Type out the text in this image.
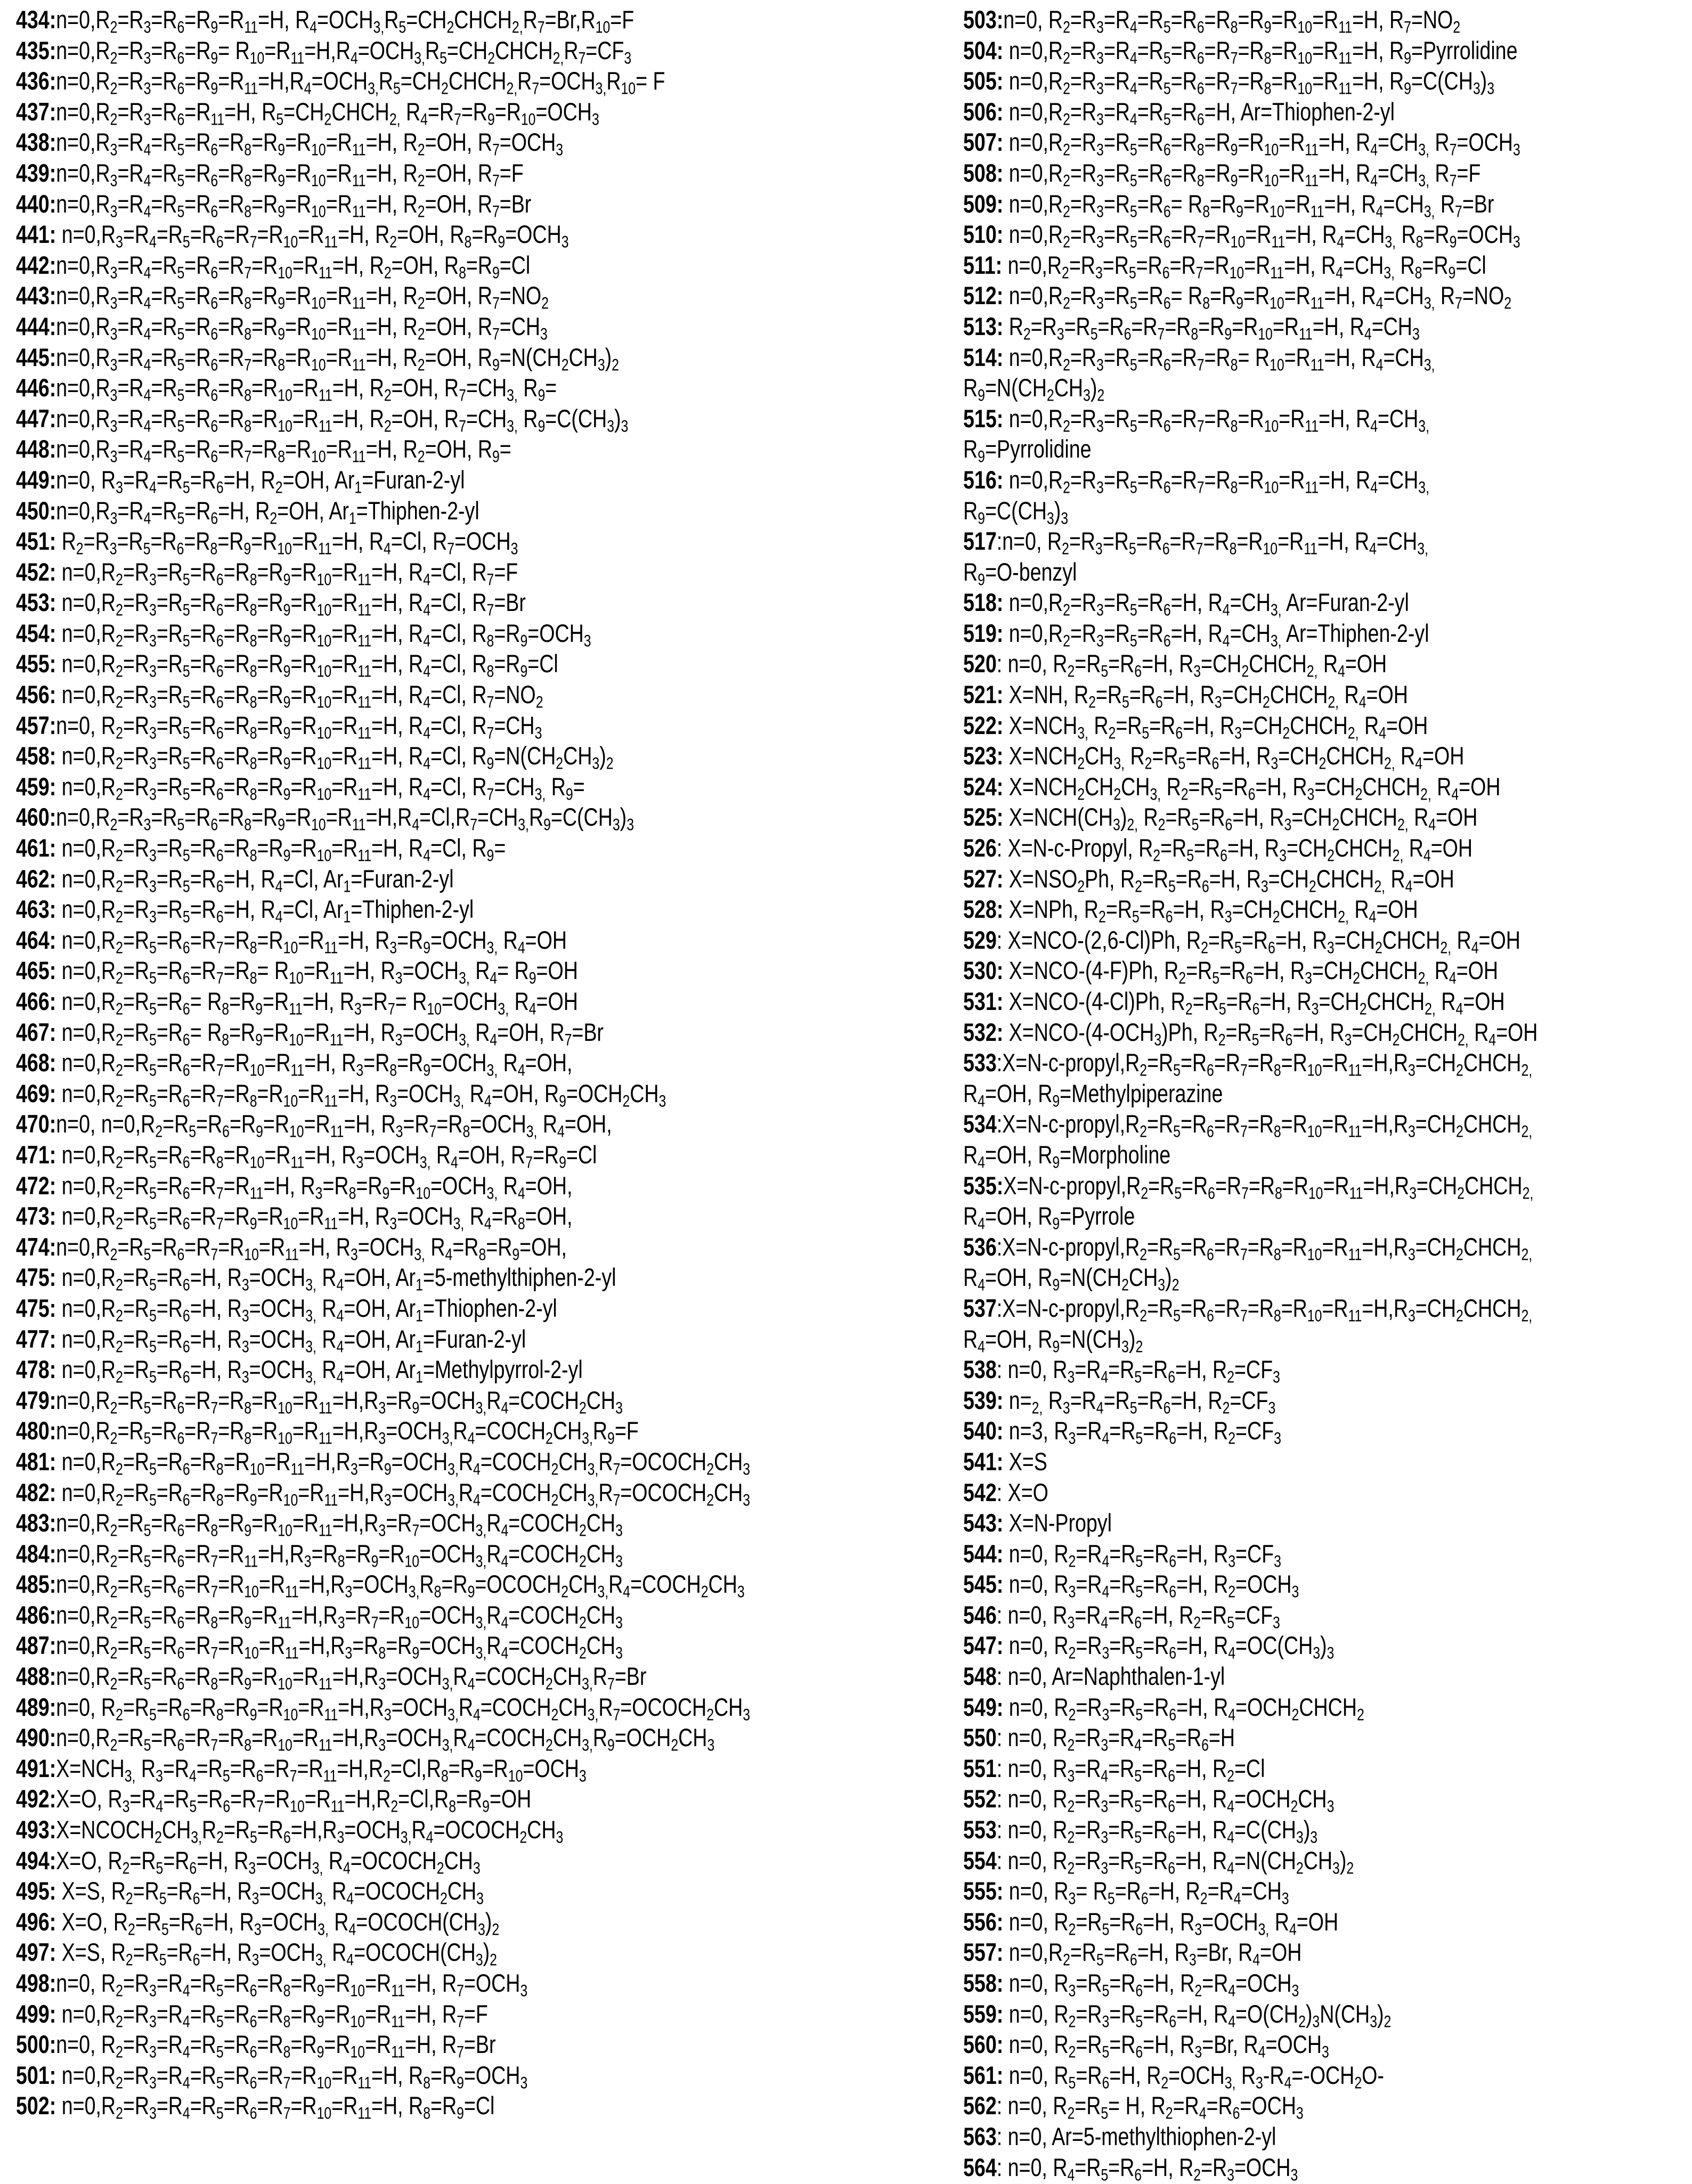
$434:n=0,R_2=R_3=R_6=R_9=R_{11}=H$, $R_4=OCH_{3,}R_5=CH_2CHCH_{2,}R_7=Br,R_{10}=F$
$435:n=0,R_2=R_3=R_6=R_9=$ $R_{10}=R_{11}=H,R_4=OCH_{3,}R_5=CH_2CHCH_{2,}R_7=CF_3$
$436:n=0,R_2=R_3=R_6=R_9=R_{11}=H,R_4=OCH_{3,}R_5=CH_2CHCH_{2,}R_7=OCH_{3,}R_{10}= F$
$437:n=0,R_2=R_3=R_6=R_{11}=H$, $R_5=CH_2CHCH_{2,}$ $R_4=R_7=R_9=R_{10}=OCH_3$
$438:n=0,R_3=R_4=R_5=R_6=R_8=R_9=R_{10}=R_{11}=H$, $R_2=OH$, $R_7=OCH_3$
$439:n=0,R_3=R_4=R_5=R_6=R_8=R_9=R_{10}=R_{11}=H$, $R_2=OH$, $R_7=F$
$440:n=0,R_3=R_4=R_5=R_6=R_8=R_9=R_{10}=R_{11}=H$, $R_2=OH$, $R_7=Br$
441: $n=0,R_3=R_4=R_5=R_6=R_7=R_{10}=R_{11}=H$, $R_2=OH$, $R_8=R_9=OCH_3$
$442:n=0,R_3=R_4=R_5=R_6=R_7=R_{10}=R_{11}=H$, $R_2=OH$, $R_8=R_9=Cl$
$443:n=0,R_3=R_4=R_5=R_6=R_8=R_9=R_{10}=R_{11}=H$, $R_2=OH$, $R_7=NO_2$
$444:n=0,R_3=R_4=R_5=R_6=R_8=R_9=R_{10}=R_{11}=H$, $R_2=OH$, $R_7=CH_3$
$445:n=0,R_3=R_4=R_5=R_6=R_7=R_8=R_{10}=R_{11}=H$, $R_2=OH$, $R_9=N(CH_2CH_3)_2$
$446:n=0,R_3=R_4=R_5=R_6=R_8=R_{10}=R_{11}=H$, $R_2=OH$, $R_7=CH_{3,}$ $R_9=$
$447:n=0,R_3=R_4=R_5=R_6=R_8=R_{10}=R_{11}=H$, $R_2=OH$, $R_7=CH_{3,}$ $R_9=C(CH_3)_3$
$448:n=0,R_3=R_4=R_5=R_6=R_7=R_8=R_{10}=R_{11}=H$, $R_2=OH$, $R_9=$
449:n=0, $R_3=R_4=R_5=R_6=H$, $R_2=OH$, $Ar_1=Furan-2-yl$
$450:n=0,R_3=R_4=R_5=R_6=H$, $R_2=OH$, $Ar_1=Thiphen-2-yl$
451: $R_2=R_3=R_5=R_6=R_8=R_9=R_{10}=R_{11}=H$, $R_4=Cl$, $R_7=OCH_3$
452: $n=0,R_2=R_3=R_5=R_6=R_8=R_9=R_{10}=R_{11}=H$, $R_4=Cl$, $R_7=F$
453: $n=0,R_2=R_3=R_5=R_6=R_8=R_9=R_{10}=R_{11}=H$, $R_4=Cl$, $R_7=Br$
454: $n=0,R_2=R_3=R_5=R_6=R_8=R_9=R_{10}=R_{11}=H$, $R_4=Cl$, $R_8=R_9=OCH_3$
455: $n=0,R_2=R_3=R_5=R_6=R_8=R_9=R_{10}=R_{11}=H$, $R_4=Cl$, $R_8=R_9=Cl$
456: $n=0,R_2=R_3=R_5=R_6=R_8=R_9=R_{10}=R_{11}=H$, $R_4=Cl$, $R_7=NO_2$
457:n=0, $R_2=R_3=R_5=R_6=R_8=R_9=R_{10}=R_{11}=H$, $R_4=Cl$, $R_7=CH_3$
458: $n=0,R_2=R_3=R_5=R_6=R_8=R_9=R_{10}=R_{11}=H$, $R_4=Cl$, $R_9=N(CH_2CH_3)_2$
459: $n=0,R_2=R_3=R_5=R_6=R_8=R_9=R_{10}=R_{11}=H$, $R_4=Cl$, $R_7=CH_{3,}$ $R_9=$
$460:n=0,R_2=R_3=R_5=R_6=R_8=R_9=R_{10}=R_{11}=H,R_4=Cl,R_7=CH_{3,}R_9=C(CH_3)_3$
461: $n=0,R_2=R_3=R_5=R_6=R_8=R_9=R_{10}=R_{11}=H$, $R_4=Cl$, $R_9=$
462: $n=0,R_2=R_3=R_5=R_6=H$, $R_4=Cl$, $Ar_1=Furan-2-yl$
463: $n=0,R_2=R_3=R_5=R_6=H$, $R_4=Cl$, $Ar_1=Thiphen-2-yl$
464: $n=0,R_2=R_5=R_6=R_7=R_8=R_{10}=R_{11}=H$, $R_3=R_9=OCH_{3,}$ $R_4=OH$
465: $n=0,R_2=R_5=R_6=R_7=R_8= R_{10}=R_{11}=H$, $R_3=OCH_{3,}$ $R_4= R_9=OH$
466: $n=0,R_2=R_5=R_6= R_8=R_9=R_{11}=H$, $R_3=R_7= R_{10}=OCH_{3,}$ $R_4=OH$
467: $n=0,R_2=R_5=R_6= R_8=R_9=R_{10}=R_{11}=H$, $R_3=OCH_{3,}$ $R_4=OH$, $R_7=Br$
468: $n=0,R_2=R_5=R_6=R_7=R_{10}=R_{11}=H$, $R_3=R_8=R_9=OCH_{3,}$ $R_4=OH$,
469: $n=0,R_2=R_5=R_6=R_7=R_8=R_{10}=R_{11}=H$, $R_3=OCH_{3,}$ $R_4=OH$, $R_9=OCH_2CH_3$
470:n=0, $n=0,R_2=R_5=R_6=R_9=R_{10}=R_{11}=H$, $R_3=R_7=R_8=OCH_{3,}$ $R_4=OH$,
471: $n=0,R_2=R_5=R_6=R_8=R_{10}=R_{11}=H$, $R_3=OCH_{3,}$ $R_4=OH$, $R_7=R_9=Cl$
472: $n=0,R_2=R_5=R_6=R_7=R_{11}=H$, $R_3=R_8=R_9=R_{10}=OCH_{3,}$ $R_4=OH$,
473: $n=0,R_2=R_5=R_6=R_7=R_9=R_{10}=R_{11}=H$, $R_3=OCH_{3,}$ $R_4=R_8=OH$,
$474:n=0,R_2=R_5=R_6=R_7=R_{10}=R_{11}=H$, $R_3=OCH_{3,}$ $R_4=R_8=R_9=OH$,
475: $n=0,R_2=R_5=R_6=H$, $R_3=OCH_{3,}$ $R_4=OH$, $Ar_1=5-methylthiphen-2-yl$
475: $n=0,R_2=R_5=R_6=H$, $R_3=OCH_{3,}$ $R_4=OH$, $Ar_1=Thiophen-2-yl$
477: $n=0,R_2=R_5=R_6=H$, $R_3=OCH_{3,}$ $R_4=OH$, $Ar_1=Furan-2-yl$
478: $n=0,R_2=R_5=R_6=H$, $R_3=OCH_{3,}$ $R_4=OH$, $Ar_1=Methylpyrrol-2-yl$
$479:n=0,R_2=R_5=R_6=R_7=R_8=R_{10}=R_{11}=H,R_3=R_9=OCH_{3,}R_4=COCH_2CH_3$
$480:n=0,R_2=R_5=R_6=R_7=R_8=R_{10}=R_{11}=H,R_3=OCH_{3,}R_4=COCH_2CH_{3,}R_9=F$
481: $n=0,R_2=R_5=R_6=R_8=R_{10}=R_{11}=H,R_3=R_9=OCH_{3,}R_4=COCH_2CH_{3,}R_7=OCOCH_2CH_3$
482: $n=0,R_2=R_5=R_6=R_8=R_9=R_{10}=R_{11}=H,R_3=OCH_{3,}R_4=COCH_2CH_{3,}R_7=OCOCH_2CH_3$
$483:n=0,R_2=R_5=R_6=R_8=R_9=R_{10}=R_{11}=H,R_3=R_7=OCH_{3,}R_4=COCH_2CH_3$
$484:n=0,R_2=R_5=R_6=R_7=R_{11}=H,R_3=R_8=R_9=R_{10}=OCH_{3,}R_4=COCH_2CH_3$
$485:n=0,R_2=R_5=R_6=R_7=R_{10}=R_{11}=H,R_3=OCH_{3,}R_8=R_9=OCOCH_2CH_{3,}R_4=COCH_2CH_3$
$486:n=0,R_2=R_5=R_6=R_8=R_9=R_{11}=H,R_3=R_7=R_{10}=OCH_{3,}R_4=COCH_2CH_3$
$487:n=0,R_2=R_5=R_6=R_7=R_{10}=R_{11}=H,R_3=R_8=R_9=OCH_{3,}R_4=COCH_2CH_3$
$488:n=0,R_2=R_5=R_6=R_8=R_9=R_{10}=R_{11}=H,R_3=OCH_{3,}R_4=COCH_2CH_{3,}R_7=Br$
489:n=0, $R_2=R_5=R_6=R_8=R_9=R_{10}=R_{11}=H,R_3=OCH_{3,}R_4=COCH_2CH_{3,}R_7=OCOCH_2CH_3$
$490:n=0,R_2=R_5=R_6=R_7=R_8=R_{10}=R_{11}=H,R_3=OCH_{3,}R_4=COCH_2CH_{3,}R_9=OCH_2CH_3$
$491:X=NCH_{3,}$ $R_3=R_4=R_5=R_6=R_7=R_{11}=H,R_2=Cl,R_8=R_9=R_{10}=OCH_3$
492:X=O, $R_3=R_4=R_5=R_6=R_7=R_{10}=R_{11}=H,R_2=Cl,R_8=R_9=OH$
$493:X=NCOCH_2CH_{3,}R_2=R_5=R_6=H,R_3=OCH_{3,}R_4=OCOCH_2CH_3$
494:X=O, $R_2=R_5=R_6=H$, $R_3=OCH_{3,}$ $R_4=OCOCH_2CH_3$
495: X=S, $R_2=R_5=R_6=H$, $R_3=OCH_{3,}$ $R_4=OCOCH_2CH_3$
496: X=O, $R_2=R_5=R_6=H$, $R_3=OCH_{3,}$ $R_4=OCOCH(CH_3)_2$
497: X=S, $R_2=R_5=R_6=H$, $R_3=OCH_{3,}$ $R_4=OCOCH(CH_3)_2$
498:n=0, $R_2=R_3=R_4=R_5=R_6=R_8=R_9=R_{10}=R_{11}=H$, $R_7=OCH_3$
499: $n=0,R_2=R_3=R_4=R_5=R_6=R_8=R_9=R_{10}=R_{11}=H$, $R_7=F$
500:n=0, $R_2=R_3=R_4=R_5=R_6=R_8=R_9=R_{10}=R_{11}=H$, $R_7=Br$
501: $n=0,R_2=R_3=R_4=R_5=R_6=R_7=R_{10}=R_{11}=H$, $R_8=R_9=OCH_3$
502: $n=0,R_2=R_3=R_4=R_5=R_6=R_7=R_{10}=R_{11}=H$, $R_8=R_9=Cl$
503:n=0, $R_2=R_3=R_4=R_5=R_6=R_8=R_9=R_{10}=R_{11}=H$, $R_7=NO_2$
504: $n=0,R_2=R_3=R_4=R_5=R_6=R_7=R_8=R_{10}=R_{11}=H$, $R_9=Pyrrolidine$
505: $n=0,R_2=R_3=R_4=R_5=R_6=R_7=R_8=R_{10}=R_{11}=H$, $R_9=C(CH_3)_3$
506: $n=0,R_2=R_3=R_4=R_5=R_6=H$, Ar=Thiophen-2-yl
507: $n=0,R_2=R_3=R_5=R_6=R_8=R_9=R_{10}=R_{11}=H$, $R_4=CH_{3,}$ $R_7=OCH_3$
508: $n=0,R_2=R_3=R_5=R_6=R_8=R_9=R_{10}=R_{11}=H$, $R_4=CH_{3,}$ $R_7=F$
509: $n=0,R_2=R_3=R_5=R_6= R_8=R_9=R_{10}=R_{11}=H$, $R_4=CH_{3,}$ $R_7=Br$
510: $n=0,R_2=R_3=R_5=R_6=R_7=R_{10}=R_{11}=H$, $R_4=CH_{3,}$ $R_8=R_9=OCH_3$
511: $n=0,R_2=R_3=R_5=R_6=R_7=R_{10}=R_{11}=H$, $R_4=CH_{3,}$ $R_8=R_9=Cl$
512: $n=0,R_2=R_3=R_5=R_6= R_8=R_9=R_{10}=R_{11}=H$, $R_4=CH_{3,}$ $R_7=NO_2$
513: $R_2=R_3=R_5=R_6=R_7=R_8=R_9=R_{10}=R_{11}=H$, $R_4=CH_3$
514: $n=0,R_2=R_3=R_5=R_6=R_7=R_8= R_{10}=R_{11}=H$, $R_4=CH_{3,}$
$R_9=N(CH_2CH_3)_2$
515: $n=0,R_2=R_3=R_5=R_6=R_7=R_8=R_{10}=R_{11}=H$, $R_4=CH_{3,}$
$R_9=Pyrrolidine$
516: $n=0,R_2=R_3=R_5=R_6=R_7=R_8=R_{10}=R_{11}=H$, $R_4=CH_{3,}$
$R_9=C(CH_3)_3$
517:n=0, $R_2=R_3=R_5=R_6=R_7=R_8=R_{10}=R_{11}=H$, $R_4=CH_{3,}$
$R_9=O$-benzyl
518: $n=0,R_2=R_3=R_5=R_6=H$, $R_4=CH_{3,}$ Ar=Furan-2-yl
519: $n=0,R_2=R_3=R_5=R_6=H$, $R_4=CH_{3,}$ Ar=Thiphen-2-yl
520: n=0, $R_2=R_5=R_6=H$, $R_3=CH_2CHCH_{2,}$ $R_4=OH$
521: X=NH, $R_2=R_5=R_6=H$, $R_3=CH_2CHCH_{2,}$ $R_4=OH$
522: $X=NCH_{3,}$ $R_2=R_5=R_6=H$, $R_3=CH_2CHCH_{2,}$ $R_4=OH$
523: $X=NCH_2CH_{3,}$ $R_2=R_5=R_6=H$, $R_3=CH_2CHCH_{2,}$ $R_4=OH$
524: $X=NCH_2CH_2CH_{3,}$ $R_2=R_5=R_6=H$, $R_3=CH_2CHCH_{2,}$ $R_4=OH$
525: $X=NCH(CH_3)_{2,}$ $R_2=R_5=R_6=H$, $R_3=CH_2CHCH_{2,}$ $R_4=OH$
526: X=N-c-Propyl, $R_2=R_5=R_6=H$, $R_3=CH_2CHCH_{2,}$ $R_4=OH$
527: $X=NSO_2Ph$, $R_2=R_5=R_6=H$, $R_3=CH_2CHCH_{2,}$ $R_4=OH$
528: X=NPh, $R_2=R_5=R_6=H$, $R_3=CH_2CHCH_{2,}$ $R_4=OH$
529: X=NCO-(2,6-Cl)Ph, $R_2=R_5=R_6=H$, $R_3=CH_2CHCH_{2,}$ $R_4=OH$
530: X=NCO-(4-F)Ph, $R_2=R_5=R_6=H$, $R_3=CH_2CHCH_{2,}$ $R_4=OH$
531: X=NCO-(4-Cl)Ph, $R_2=R_5=R_6=H$, $R_3=CH_2CHCH_{2,}$ $R_4=OH$
532: $X=NCO-(4-OCH_3)Ph$, $R_2=R_5=R_6=H$, $R_3=CH_2CHCH_{2,}$ $R_4=OH$
$533:X=N-c-propyl,R_2=R_5=R_6=R_7=R_8=R_{10}=R_{11}=H,R_3=CH_2CHCH_{2,}$
$R_4=OH$, $R_9=Methylpiperazine$
$534:X=N-c-propyl,R_2=R_5=R_6=R_7=R_8=R_{10}=R_{11}=H,R_3=CH_2CHCH_{2,}$
$R_4=OH$, $R_9=Morpholine$
$535:X=N-c-propyl,R_2=R_5=R_6=R_7=R_8=R_{10}=R_{11}=H,R_3=CH_2CHCH_{2,}$
$R_4=OH$, $R_9=Pyrrole$
$536:X=N-c-propyl,R_2=R_5=R_6=R_7=R_8=R_{10}=R_{11}=H,R_3=CH_2CHCH_{2,}$
$R_4=OH$, $R_9=N(CH_2CH_3)_2$
$537:X=N-c-propyl,R_2=R_5=R_6=R_7=R_8=R_{10}=R_{11}=H,R_3=CH_2CHCH_{2,}$
$R_4=OH$, $R_9=N(CH_3)_2$
538: n=0, $R_3=R_4=R_5=R_6=H$, $R_2=CF_3$
539: $n=_{2,}$ $R_3=R_4=R_5=R_6=H$, $R_2=CF_3$
540: n=3, $R_3=R_4=R_5=R_6=H$, $R_2=CF_3$
541: X=S
542: X=O
543: X=N-Propyl
544: n=0, $R_2=R_4=R_5=R_6=H$, $R_3=CF_3$
545: n=0, $R_3=R_4=R_5=R_6=H$, $R_2=OCH_3$
546: n=0, $R_3=R_4=R_6=H$, $R_2=R_5=CF_3$
547: n=0, $R_2=R_3=R_5=R_6=H$, $R_4=OC(CH_3)_3$
548: n=0, Ar=Naphthalen-1-yl
549: n=0, $R_2=R_3=R_5=R_6=H$, $R_4=OCH_2CHCH_2$
550: n=0, $R_2=R_3=R_4=R_5=R_6=H$
551: n=0, $R_3=R_4=R_5=R_6=H$, $R_2=Cl$
552: n=0, $R_2=R_3=R_5=R_6=H$, $R_4=OCH_2CH_3$
553: n=0, $R_2=R_3=R_5=R_6=H$, $R_4=C(CH_3)_3$
554: n=0, $R_2=R_3=R_5=R_6=H$, $R_4=N(CH_2CH_3)_2$
555: n=0, $R_3= R_5=R_6=H$, $R_2=R_4=CH_3$
556: n=0, $R_2=R_5=R_6=H$, $R_3=OCH_{3,}$ $R_4=OH$
557: $n=0,R_2=R_5=R_6=H$, $R_3=Br$, $R_4=OH$
558: n=0, $R_3=R_5=R_6=H$, $R_2=R_4=OCH_3$
559: n=0, $R_2=R_3=R_5=R_6=H$, $R_4=O(CH_2)_3N(CH_3)_2$
560: n=0, $R_2=R_5=R_6=H$, $R_3=Br$, $R_4=OCH_3$
561: n=0, $R_5=R_6=H$, $R_2=OCH_{3,}$ $R_3-R_4=-OCH_2O-$
562: n=0, $R_2=R_5= H$, $R_2=R_4=R_6=OCH_3$
563: n=0, Ar=5-methylthiophen-2-yl
564: n=0, $R_4=R_5=R_6=H$, $R_2=R_3=OCH_3$
